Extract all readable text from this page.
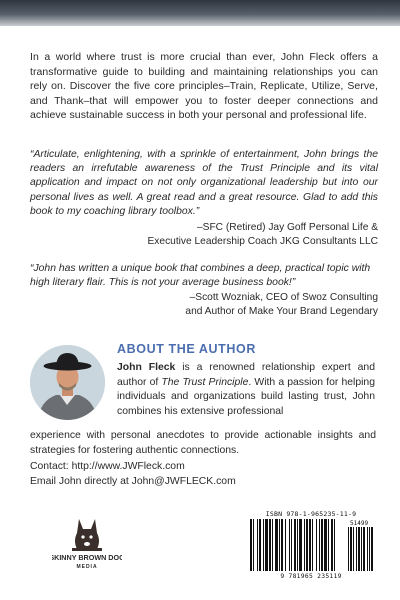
In a world where trust is more crucial than ever, John Fleck offers a transformative guide to building and maintaining relationships you can rely on. Discover the five core principles–Train, Replicate, Utilize, Serve, and Thank–that will empower you to foster deeper connections and achieve sustainable success in both your personal and professional life.

“Articulate, enlightening, with a sprinkle of entertainment, John brings the readers an irrefutable awareness of the Trust Principle and its vital application and impact on not only organizational leadership but into our personal lives as well. A great read and a great resource. Glad to add this book to my coaching library toolbox.”
–SFC (Retired) Jay Goff Personal Life &
Executive Leadership Coach JKG Consultants LLC
“John has written a unique book that combines a deep, practical topic with high literary flair. This is not your average business book!”
–Scott Wozniak, CEO of Swoz Consulting
and Author of Make Your Brand Legendary
ABOUT THE AUTHOR

John Fleck is a renowned relationship expert and author of The Trust Principle. With a passion for helping individuals and organizations build lasting trust, John combines his extensive professional

experience with personal anecdotes to provide actionable insights and strategies for fostering authentic connections.
Contact: http://www.JWFleck.com
Email John directly at John@JWFLECK.com
SKINNY BROWN DOG
MEDIA
ISBN 978-1-965235-11-9
51499
9 781965 235119
